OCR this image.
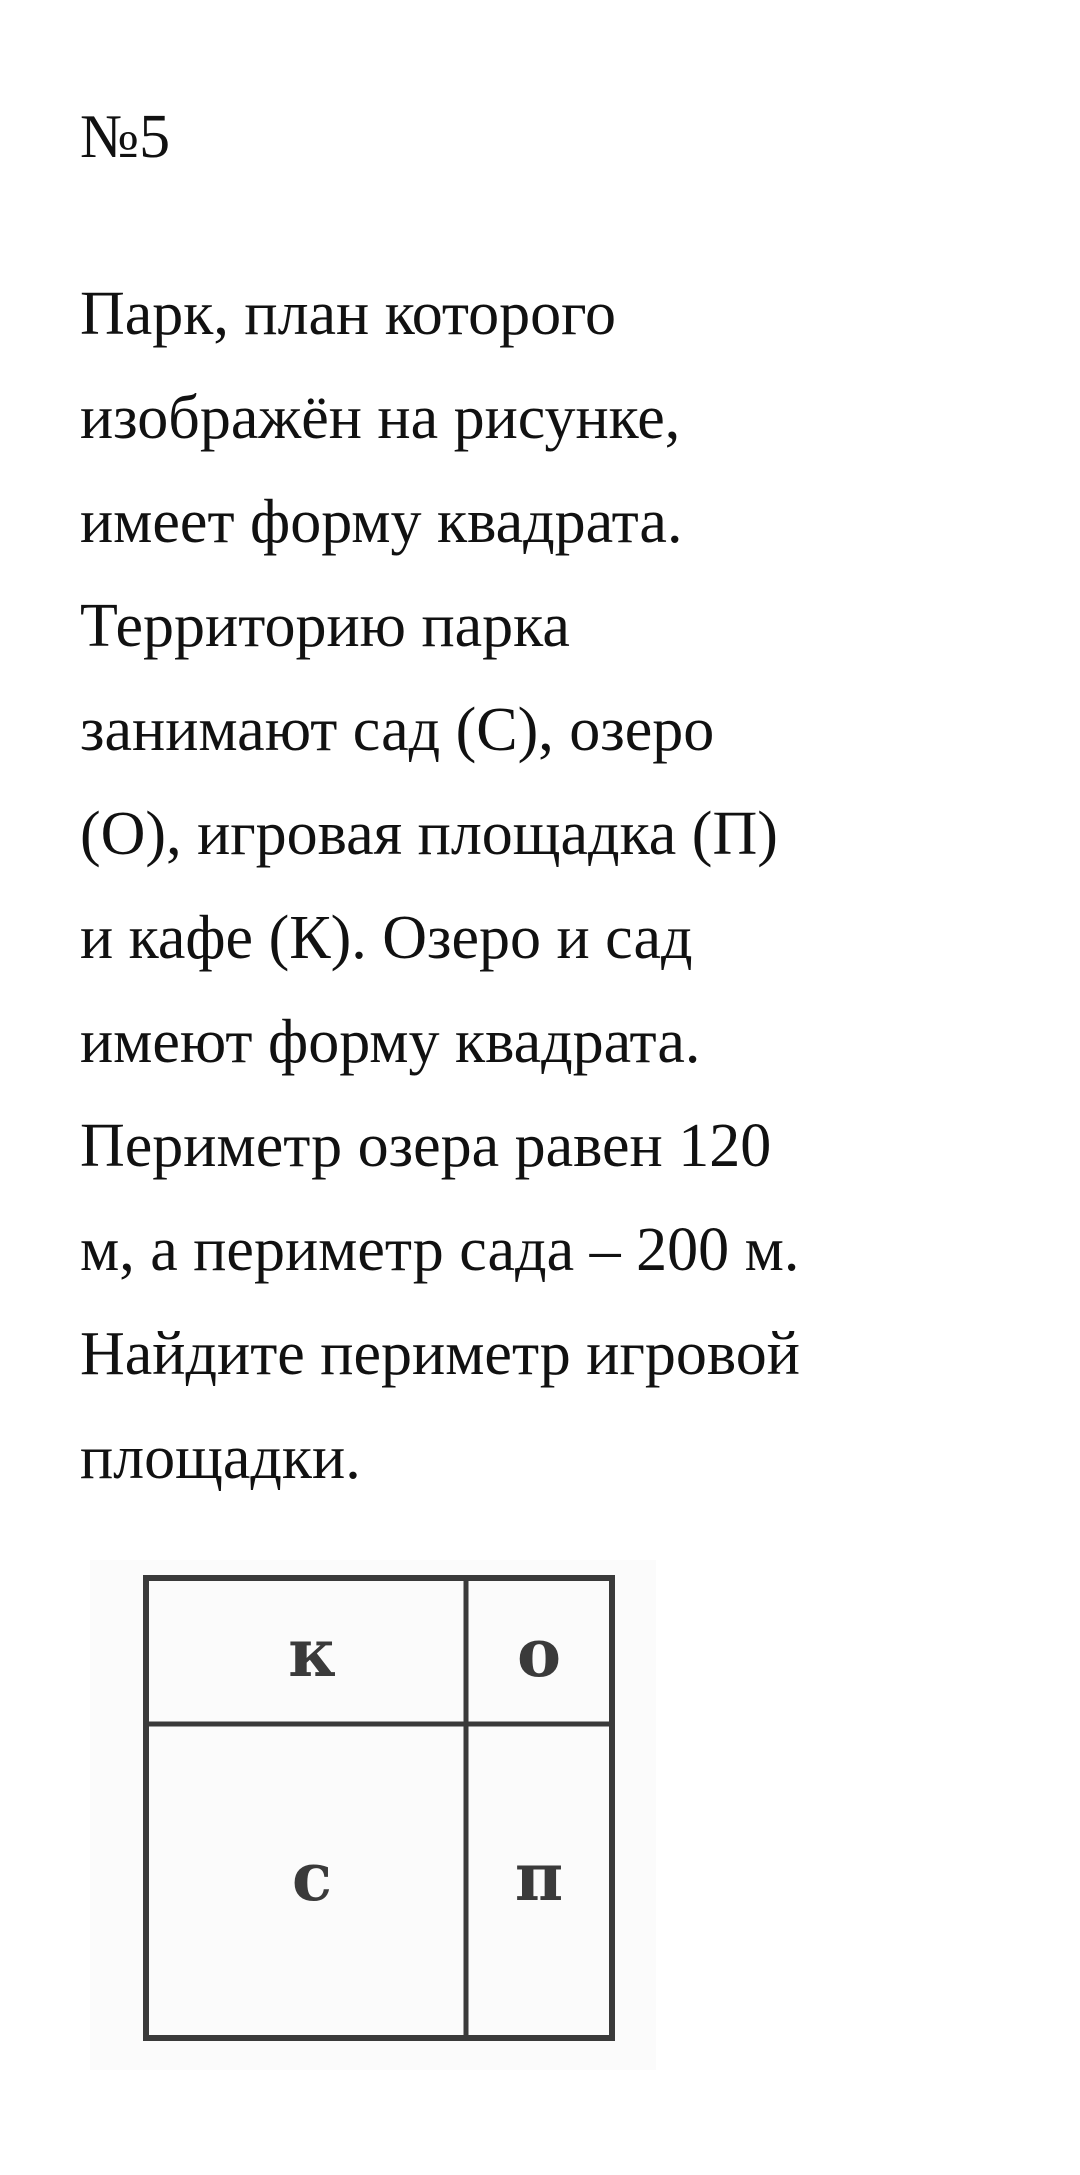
№5
Парк, план которого
изображён на рисунке,
имеет форму квадрата.
Территорию парка
занимают сад (С), озеро
(О), игровая площадка (П)
и кафе (К). Озеро и сад
имеют форму квадрата.
Периметр озера равен 120
м, а периметр сада – 200 м.
Найдите периметр игровой
площадки.
к	о
с	п
